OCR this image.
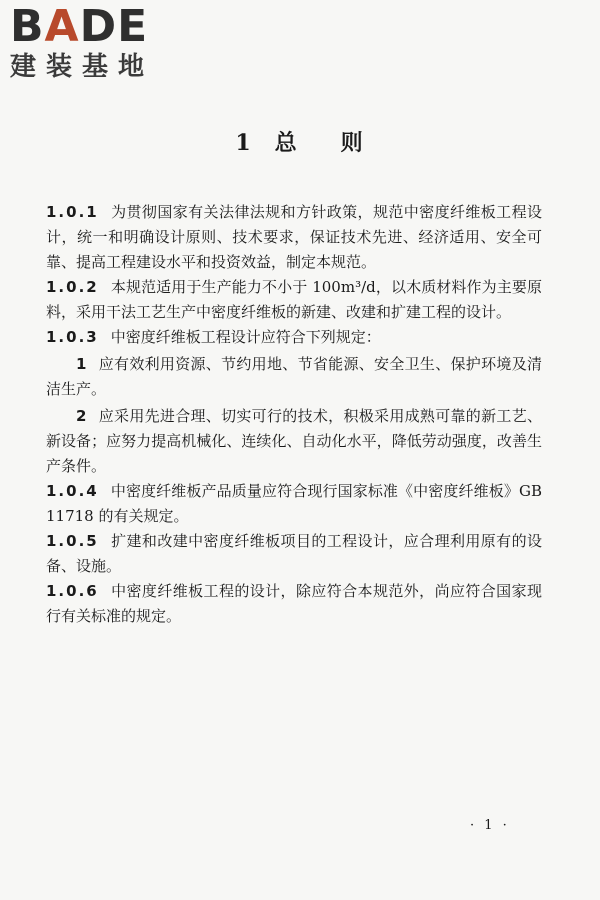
BADE
建装基地
1 总 则

1.0.1 为贯彻国家有关法律法规和方针政策，规范中密度纤维板工程设计，统一和明确设计原则、技术要求，保证技术先进、经济适用、安全可靠、提高工程建设水平和投资效益，制定本规范。

1.0.2 本规范适用于生产能力不小于 100m³/d，以木质材料作为主要原料，采用干法工艺生产中密度纤维板的新建、改建和扩建工程的设计。

1.0.3 中密度纤维板工程设计应符合下列规定：

1 应有效利用资源、节约用地、节省能源、安全卫生、保护环境及清洁生产。

2 应采用先进合理、切实可行的技术，积极采用成熟可靠的新工艺、新设备；应努力提高机械化、连续化、自动化水平，降低劳动强度，改善生产条件。

1.0.4 中密度纤维板产品质量应符合现行国家标准《中密度纤维板》GB 11718 的有关规定。

1.0.5 扩建和改建中密度纤维板项目的工程设计，应合理利用原有的设备、设施。

1.0.6 中密度纤维板工程的设计，除应符合本规范外，尚应符合国家现行有关标准的规定。

· 1 ·
